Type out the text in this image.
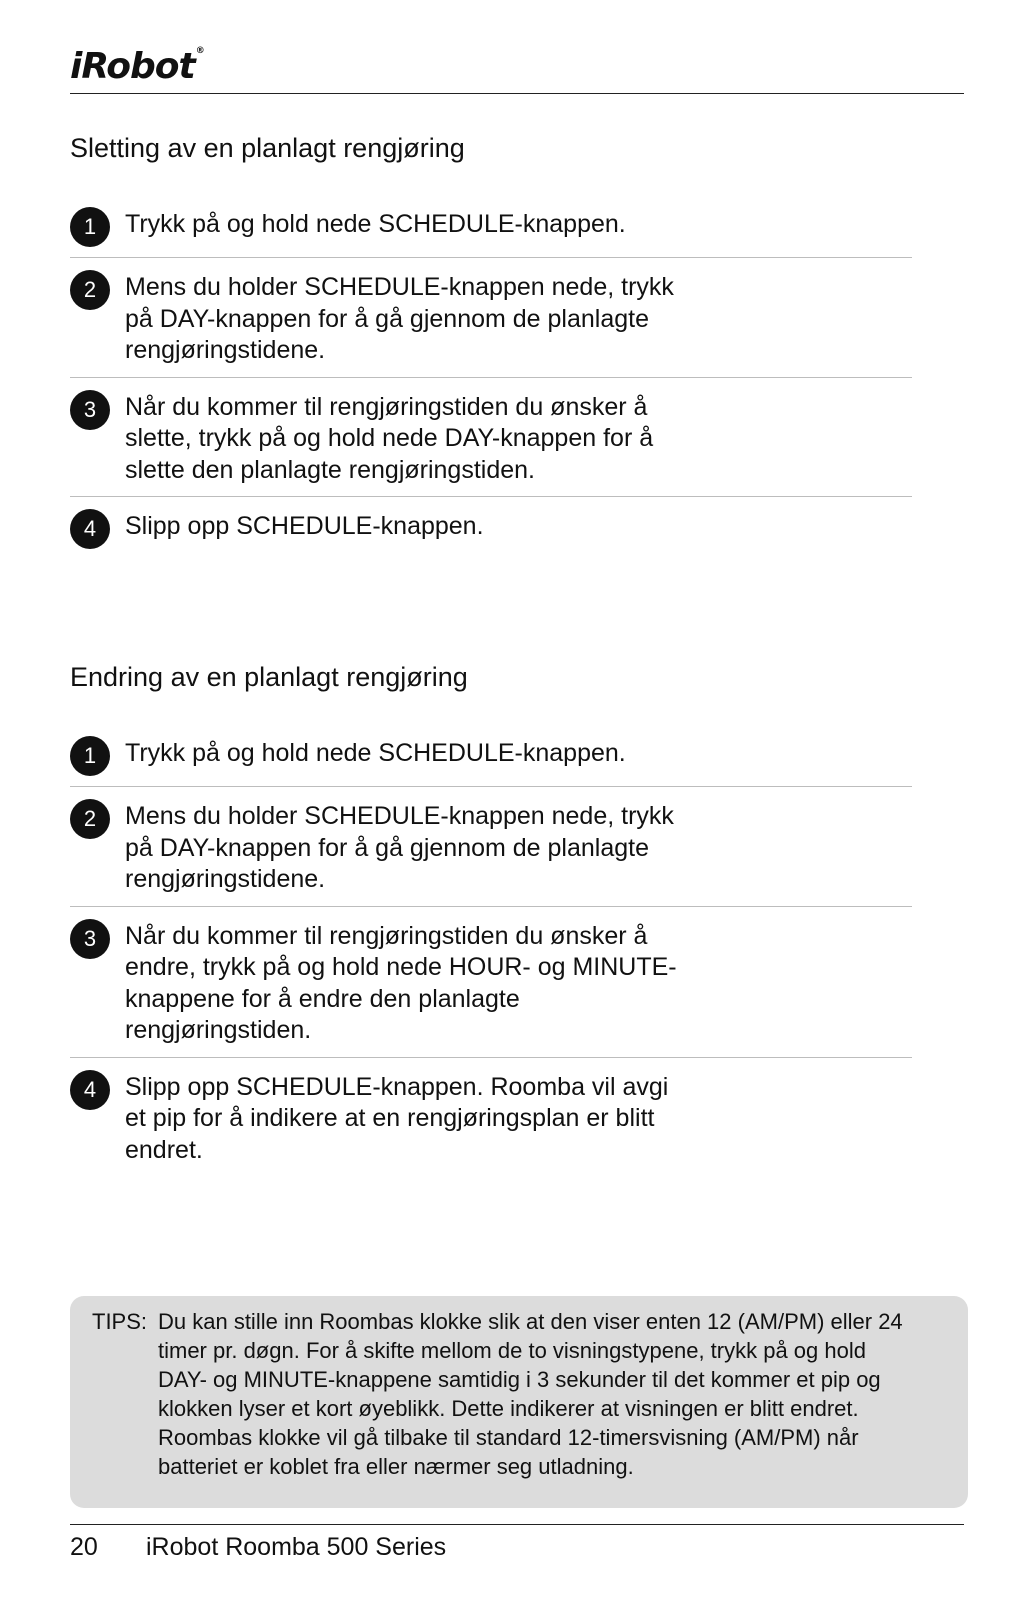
iRobot®
Sletting av en planlagt rengjøring
1	Trykk på og hold nede SCHEDULE-knappen.
2	Mens du holder SCHEDULE-knappen nede, trykk på DAY-knappen for å gå gjennom de planlagte rengjøringstidene.
3	Når du kommer til rengjøringstiden du ønsker å slette, trykk på og hold nede DAY-knappen for å slette den planlagte rengjøringstiden.
4	Slipp opp SCHEDULE-knappen.
Endring av en planlagt rengjøring
1	Trykk på og hold nede SCHEDULE-knappen.
2	Mens du holder SCHEDULE-knappen nede, trykk på DAY-knappen for å gå gjennom de planlagte rengjøringstidene.
3	Når du kommer til rengjøringstiden du ønsker å endre, trykk på og hold nede HOUR- og MINUTE-knappene for å endre den planlagte rengjøringstiden.
4	Slipp opp SCHEDULE-knappen. Roomba vil avgi et pip for å indikere at en rengjøringsplan er blitt endret.
TIPS: Du kan stille inn Roombas klokke slik at den viser enten 12 (AM/PM) eller 24 timer pr. døgn. For å skifte mellom de to visningstypene, trykk på og hold DAY- og MINUTE-knappene samtidig i 3 sekunder til det kommer et pip og klokken lyser et kort øyeblikk. Dette indikerer at visningen er blitt endret. Roombas klokke vil gå tilbake til standard 12-timersvisning (AM/PM) når batteriet er koblet fra eller nærmer seg utladning.
20 iRobot Roomba 500 Series
